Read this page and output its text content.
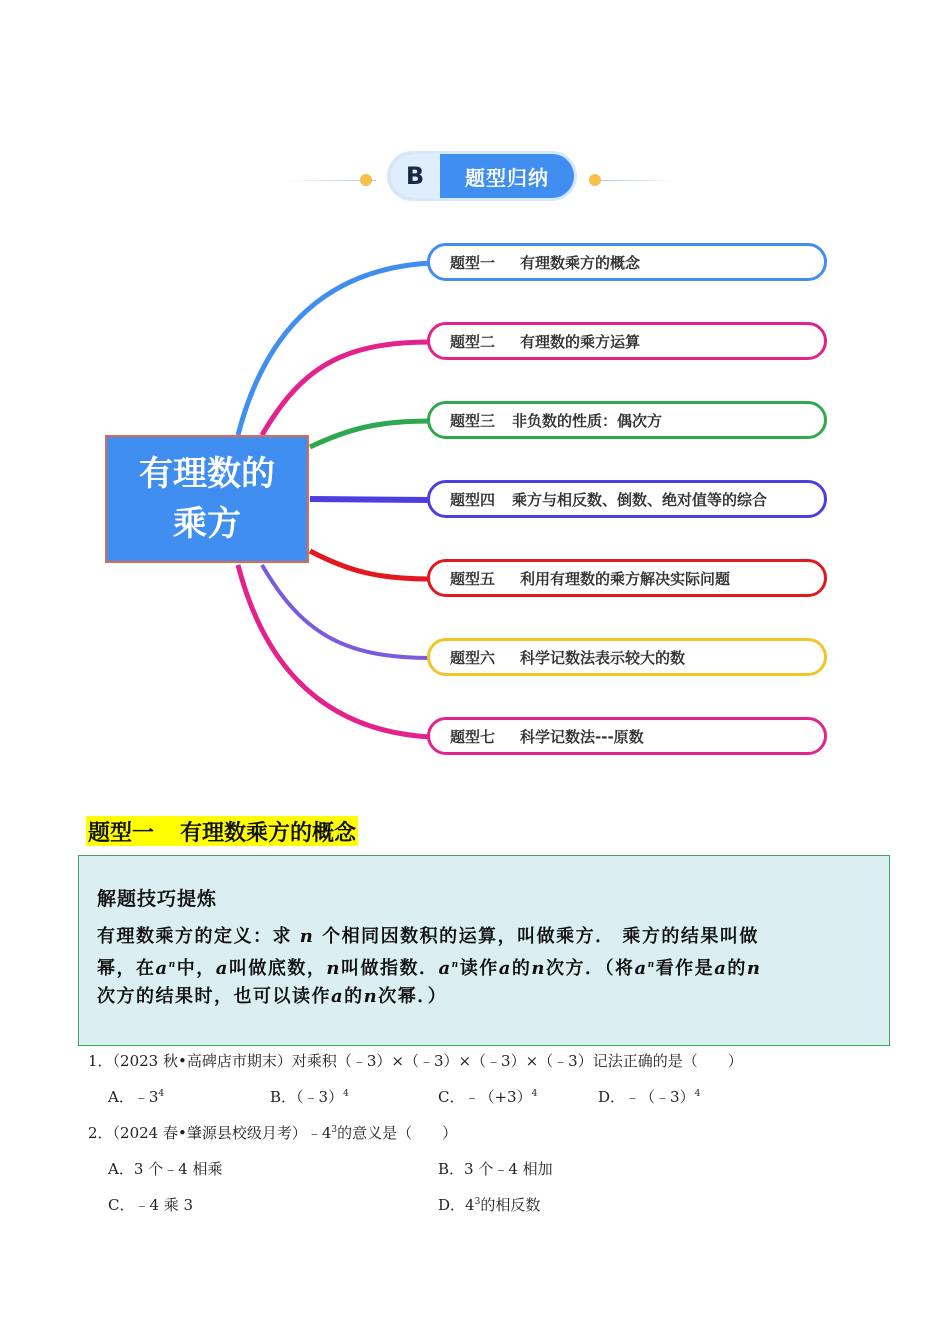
B	题型归纳
有理数的
乘方
题型一	有理数乘方的概念
题型二	有理数的乘方运算
题型三	非负数的性质：偶次方
题型四	乘方与相反数、倒数、绝对值等的综合
题型五	利用有理数的乘方解决实际问题
题型六	科学记数法表示较大的数
题型七	科学记数法---原数
题型一 有理数乘方的概念
解题技巧提炼
有理数乘方的定义：求 n 个相同因数积的运算，叫做乘方． 乘方的结果叫做
幂，在$a^n$中，a叫做底数，n叫做指数．$a^n$读作a的n次方．（将$a^n$看作是a的n
次方的结果时，也可以读作a的n次幂．）
1．（2023 秋•高碑店市期末）对乘积（﹣3）×（﹣3）×（﹣3）×（﹣3）记法正确的是（　　）
A．$﹣3^4$	B．（﹣3）$^4$	C．$﹣(+3)^4$	D．﹣（﹣3）$^4$
2．（2024 春•肇源县校级月考）$﹣4^3$的意义是（　　）
A．3 个﹣4 相乘	B．3 个﹣4 相加
C．﹣4 乘 3	D．$4^3$的相反数
